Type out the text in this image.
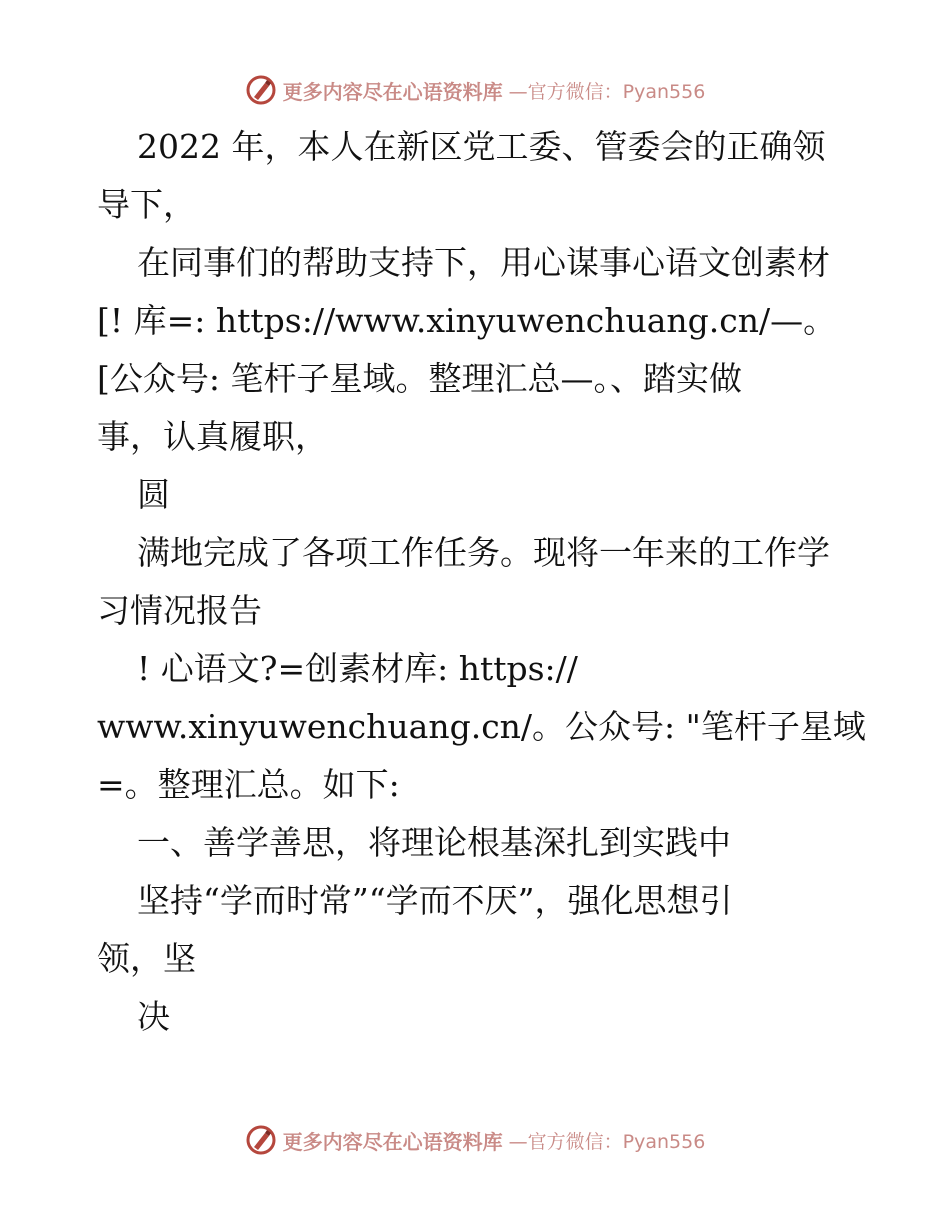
更多内容尽在心语资料库 —官方微信：Pyan556
2022 年，本人在新区党工委、管委会的正确领
导下，
在同事们的帮助支持下，用心谋事心语文创素材
[! 库=: https://www.xinyuwenchuang.cn/—。
[公众号: 笔杆子星域。整理汇总—。、踏实做
事，认真履职，
圆
满地完成了各项工作任务。现将一年来的工作学
习情况报告
! 心语文?=创素材库: https://
www.xinyuwenchuang.cn/。公众号: "笔杆子星域
=。整理汇总。如下:
一、善学善思，将理论根基深扎到实践中
坚持“学而时常”“学而不厌”，强化思想引
领，坚
决
更多内容尽在心语资料库 —官方微信：Pyan556
